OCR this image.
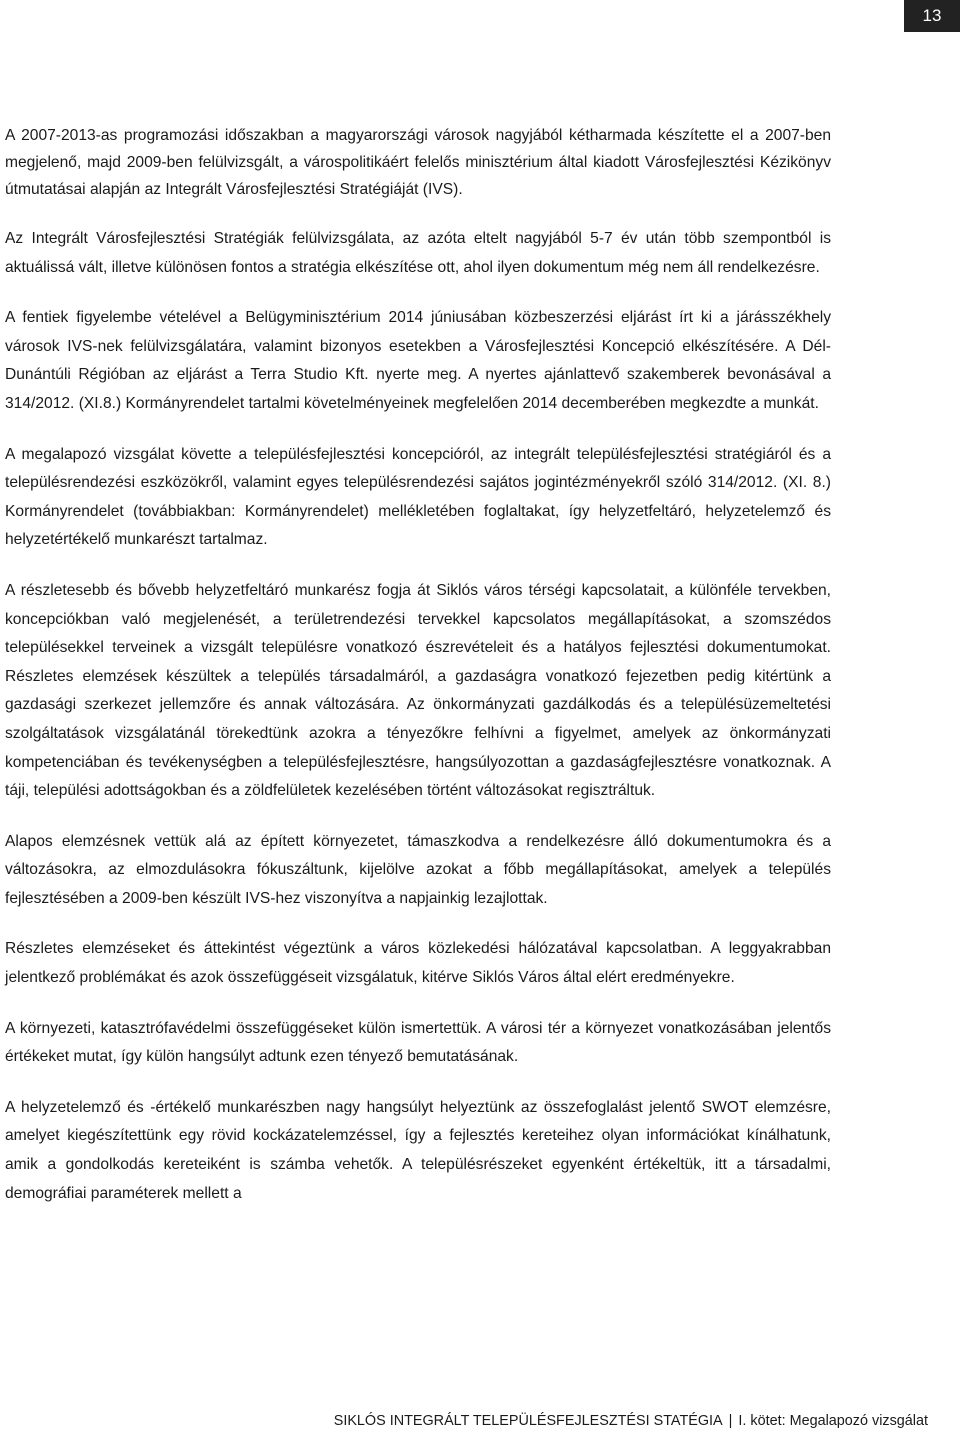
13

A 2007-2013-as programozási időszakban a magyarországi városok nagyjából kétharmada készítette el a 2007-ben megjelenő, majd 2009-ben felülvizsgált, a várospolitikáért felelős minisztérium által kiadott Városfejlesztési Kézikönyv útmutatásai alapján az Integrált Városfejlesztési Stratégiáját (IVS).

Az Integrált Városfejlesztési Stratégiák felülvizsgálata, az azóta eltelt nagyjából 5-7 év után több szempontból is aktuálissá vált, illetve különösen fontos a stratégia elkészítése ott, ahol ilyen dokumentum még nem áll rendelkezésre.

A fentiek figyelembe vételével a Belügyminisztérium 2014 júniusában közbeszerzési eljárást írt ki a járásszékhely városok IVS-nek felülvizsgálatára, valamint bizonyos esetekben a Városfejlesztési Koncepció elkészítésére. A Dél-Dunántúli Régióban az eljárást a Terra Studio Kft. nyerte meg. A nyertes ajánlattevő szakemberek bevonásával a 314/2012. (XI.8.) Kormányrendelet tartalmi követelményeinek megfelelően 2014 decemberében megkezdte a munkát.

A megalapozó vizsgálat követte a településfejlesztési koncepcióról, az integrált településfejlesztési stratégiáról és a településrendezési eszközökről, valamint egyes településrendezési sajátos jogintézményekről szóló 314/2012. (XI. 8.) Kormányrendelet (továbbiakban: Kormányrendelet) mellékletében foglaltakat, így helyzetfeltáró, helyzetelemző és helyzetértékelő munkarészt tartalmaz.

A részletesebb és bővebb helyzetfeltáró munkarész fogja át Siklós város térségi kapcsolatait, a különféle tervekben, koncepciókban való megjelenését, a területrendezési tervekkel kapcsolatos megállapításokat, a szomszédos településekkel terveinek a vizsgált településre vonatkozó észrevételeit és a hatályos fejlesztési dokumentumokat. Részletes elemzések készültek a település társadalmáról, a gazdaságra vonatkozó fejezetben pedig kitértünk a gazdasági szerkezet jellemzőre és annak változására. Az önkormányzati gazdálkodás és a településüzemeltetési szolgáltatások vizsgálatánál törekedtünk azokra a tényezőkre felhívni a figyelmet, amelyek az önkormányzati kompetenciában és tevékenységben a településfejlesztésre, hangsúlyozottan a gazdaságfejlesztésre vonatkoznak. A táji, települési adottságokban és a zöldfelületek kezelésében történt változásokat regisztráltuk.

Alapos elemzésnek vettük alá az épített környezetet, támaszkodva a rendelkezésre álló dokumentumokra és a változásokra, az elmozdulásokra fókuszáltunk, kijelölve azokat a főbb megállapításokat, amelyek a település fejlesztésében a 2009-ben készült IVS-hez viszonyítva a napjainkig lezajlottak.

Részletes elemzéseket és áttekintést végeztünk a város közlekedési hálózatával kapcsolatban. A leggyakrabban jelentkező problémákat és azok összefüggéseit vizsgálatuk, kitérve Siklós Város által elért eredményekre.

A környezeti, katasztrófavédelmi összefüggéseket külön ismertettük. A városi tér a környezet vonatkozásában jelentős értékeket mutat, így külön hangsúlyt adtunk ezen tényező bemutatásának.

A helyzetelemző és -értékelő munkarészben nagy hangsúlyt helyeztünk az összefoglalást jelentő SWOT elemzésre, amelyet kiegészítettünk egy rövid kockázatelemzéssel, így a fejlesztés kereteihez olyan információkat kínálhatunk, amik a gondolkodás kereteiként is számba vehetők. A településrészeket egyenként értékeltük, itt a társadalmi, demográfiai paraméterek mellett a

SIKLÓS INTEGRÁLT TELEPÜLÉSFEJLESZTÉSI STATÉGIA | I. kötet: Megalapozó vizsgálat
